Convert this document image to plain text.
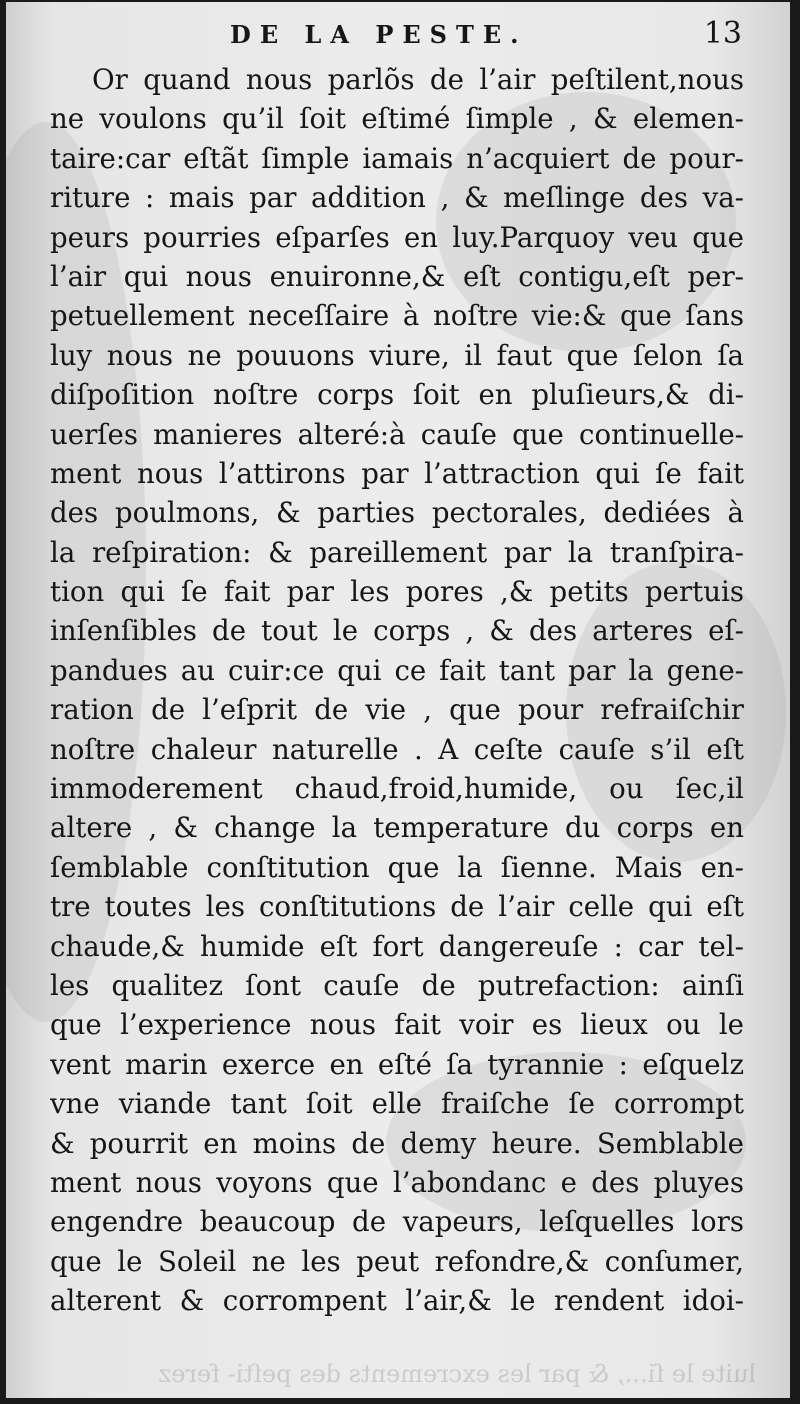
DE LA PESTE.	13
Or quand nous parlõs de l’air peſtilent,nous
ne voulons qu’il ſoit eſtimé ſimple , & elemen-
taire:car eſtãt ſimple iamais n’acquiert de pour-
riture : mais par addition , & meſlinge des va-
peurs pourries eſparſes en luy.Parquoy veu que
l’air qui nous enuironne,& eſt contigu,eſt per-
petuellement neceſſaire à noſtre vie:& que ſans
luy nous ne pouuons viure, il faut que ſelon ſa
diſpoſition noſtre corps ſoit en pluſieurs,& di-
uerſes manieres alteré:à cauſe que continuelle-
ment nous l’attirons par l’attraction qui ſe fait
des poulmons, & parties pectorales, dediées à
la reſpiration: & pareillement par la tranſpira-
tion qui ſe fait par les pores ,& petits pertuis
inſenſibles de tout le corps , & des arteres eſ-
pandues au cuir:ce qui ce fait tant par la gene-
ration de l’eſprit de vie , que pour refraiſchir
noſtre chaleur naturelle . A ceſte cauſe s’il eſt
immoderement chaud,froid,humide, ou ſec,il
altere , & change la temperature du corps en
ſemblable conſtitution que la ſienne. Mais en-
tre toutes les conſtitutions de l’air celle qui eſt
chaude,& humide eſt fort dangereuſe : car tel-
les qualitez ſont cauſe de putrefaction: ainſi
que l’experience nous fait voir es lieux ou le
vent marin exerce en eſté ſa tyrannie : eſquelz
vne viande tant ſoit elle fraiſche ſe corrompt
& pourrit en moins de demy heure. Semblable
ment nous voyons que l’abondanc e des pluyes
engendre beaucoup de vapeurs, leſquelles lors
que le Soleil ne les peut refondre,& conſumer,
alterent & corrompent l’air,& le rendent idoi-
luite le ſi..., & par les excrements des peſti- ferez
